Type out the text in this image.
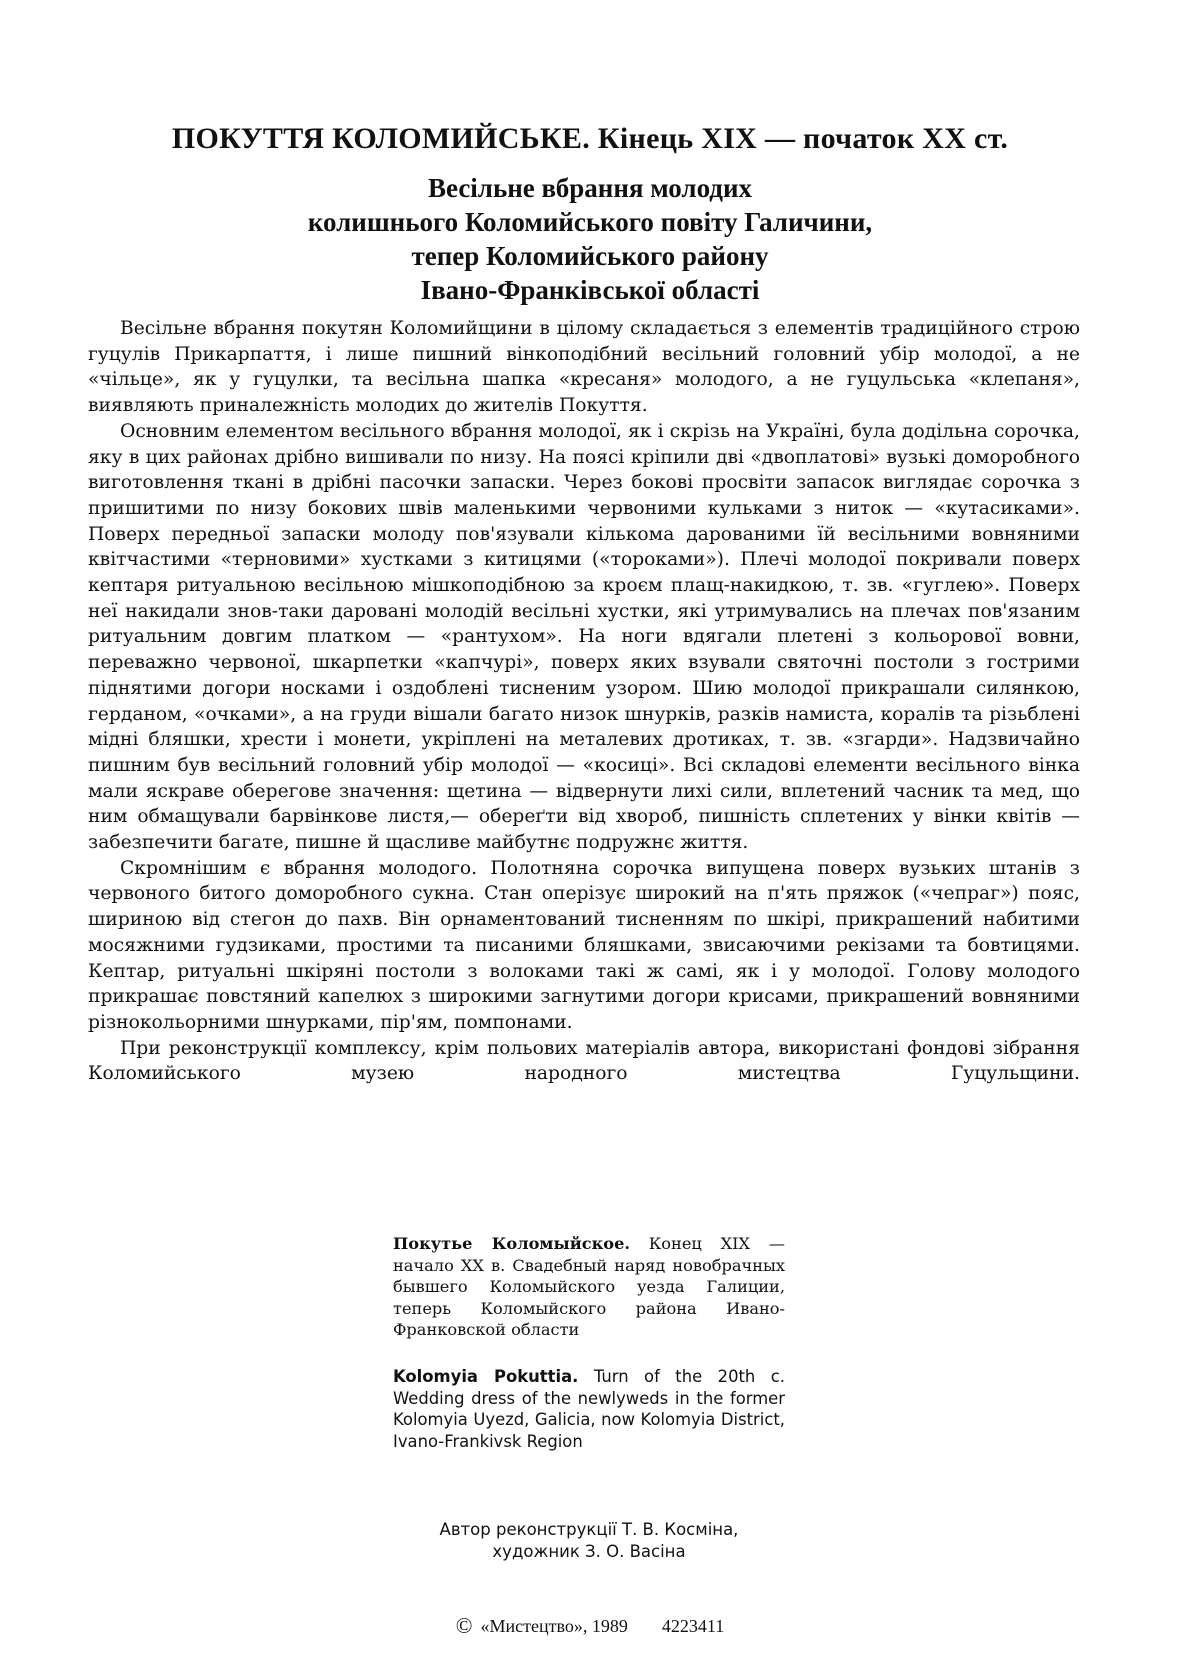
ПОКУТТЯ КОЛОМИЙСЬКЕ. Кінець XIX — початок XX ст.
Весільне вбрання молодих
колишнього Коломийського повіту Галичини,
тепер Коломийського району
Івано-Франківської області

Весільне вбрання покутян Коломийщини в цілому складається з елементів традиційного строю гуцулів Прикарпаття, і лише пишний вінкоподібний весільний головний убір молодої, а не «чільце», як у гуцулки, та весільна шапка «кресаня» молодого, а не гуцульська «клепаня», виявляють приналежність молодих до жителів Покуття.

Основним елементом весільного вбрання молодої, як і скрізь на Україні, була додільна сорочка, яку в цих районах дрібно вишивали по низу. На поясі кріпили дві «двоплатові» вузькі доморобного виготовлення ткані в дрібні пасочки запаски. Через бокові просвіти запасок виглядає сорочка з пришитими по низу бокових швів маленькими червоними кульками з ниток — «кутасиками». Поверх передньої запаски молоду пов'язували кількома дарованими їй весільними вовняними квітчастими «терновими» хустками з китицями («тороками»). Плечі молодої покривали поверх кептаря ритуальною весільною мішкоподібною за кроєм плащ-накидкою, т. зв. «гуглею». Поверх неї накидали знов-таки даровані молодій весільні хустки, які утримувались на плечах пов'язаним ритуальним довгим платком — «рантухом». На ноги вдягали плетені з кольорової вовни, переважно червоної, шкарпетки «капчурі», поверх яких взували святочні постоли з гострими піднятими догори носками і оздоблені тисненим узором. Шию молодої прикрашали силянкою, герданом, «очками», а на груди вішали багато низок шнурків, разків намиста, коралів та різьблені мідні бляшки, хрести і монети, укріплені на металевих дротиках, т. зв. «згарди». Надзвичайно пишним був весільний головний убір молодої — «косиці». Всі складові елементи весільного вінка мали яскраве оберегове значення: щетина — відвернути лихі сили, вплетений часник та мед, що ним обмащували барвінкове листя,— обереґти від хвороб, пишність сплетених у вінки квітів — забезпечити багате, пишне й щасливе майбутнє подружнє життя.

Скромнішим є вбрання молодого. Полотняна сорочка випущена поверх вузьких штанів з червоного битого доморобного сукна. Стан оперізує широкий на п'ять пряжок («чепраг») пояс, шириною від стегон до пахв. Він орнаментований тисненням по шкірі, прикрашений набитими мосяжними гудзиками, простими та писаними бляшками, звисаючими рекізами та бовтицями. Кептар, ритуальні шкіряні постоли з волоками такі ж самі, як і у молодої. Голову молодого прикрашає повстяний капелюх з широкими загнутими догори крисами, прикрашений вовняними різнокольорними шнурками, пір'ям, помпонами.

При реконструкції комплексу, крім польових матеріалів автора, використані фондові зібрання Коломийського музею народного мистецтва Гуцульщини.

Покутье Коломыйское. Конец XIX — начало XX в. Свадебный наряд новобрачных бывшего Коломыйского уезда Галиции, теперь Коломыйского района Ивано-Франковской области

Kolomyia Pokuttia. Turn of the 20th c. Wedding dress of the newlyweds in the former Kolomyia Uyezd, Galicia, now Kolomyia District, Ivano-Frankivsk Region

Автор реконструкції Т. В. Косміна,
художник З. О. Васіна

© «Мистецтво», 1989 4223411
